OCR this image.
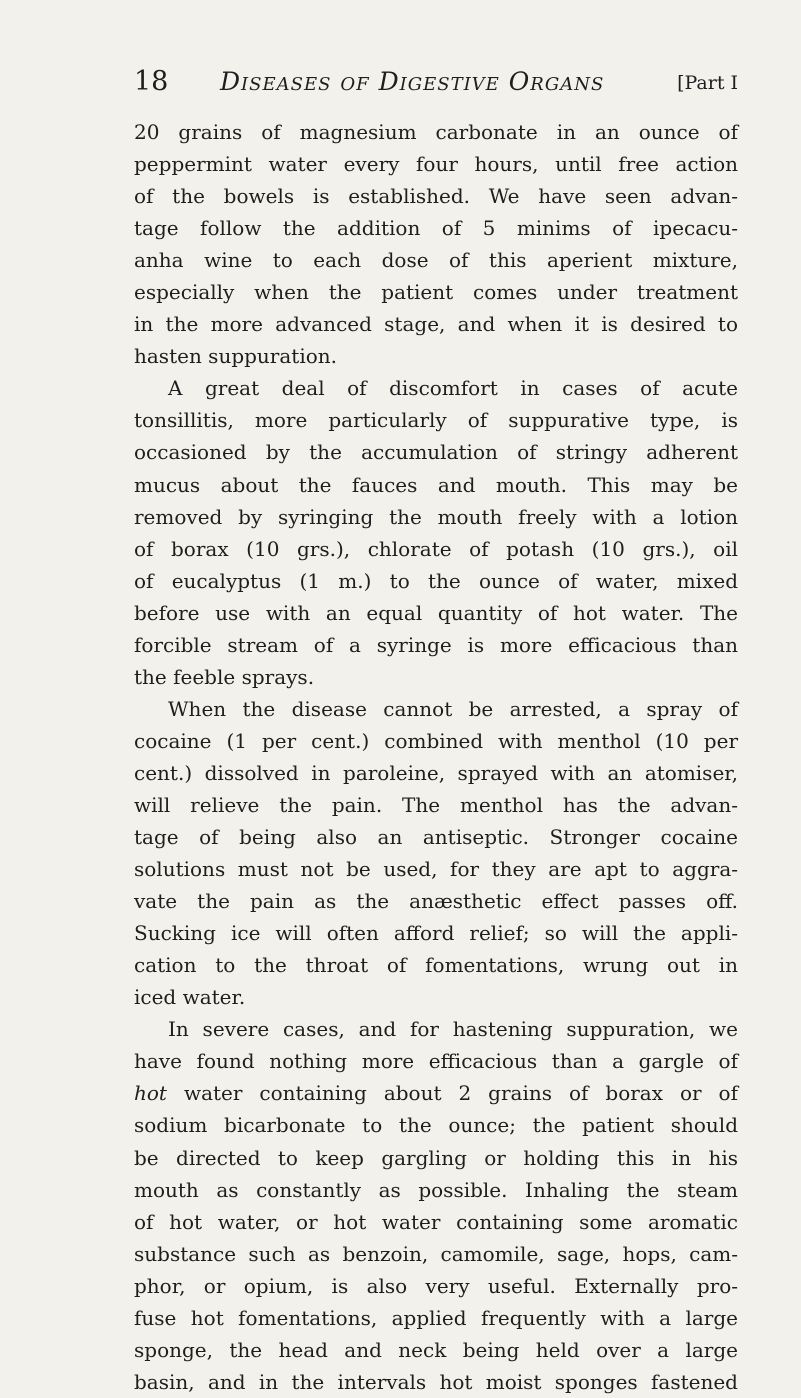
18 Diseases of Digestive Organs	[Part I
20 grains of magnesium carbonate in an ounce of
peppermint water every four hours, until free action
of the bowels is established. We have seen advan-
tage follow the addition of 5 minims of ipecacu-
anha wine to each dose of this aperient mixture,
especially when the patient comes under treatment
in the more advanced stage, and when it is desired to
hasten suppuration.
A great deal of discomfort in cases of acute
tonsillitis, more particularly of suppurative type, is
occasioned by the accumulation of stringy adherent
mucus about the fauces and mouth. This may be
removed by syringing the mouth freely with a lotion
of borax (10 grs.), chlorate of potash (10 grs.), oil
of eucalyptus (1 m.) to the ounce of water, mixed
before use with an equal quantity of hot water. The
forcible stream of a syringe is more efficacious than
the feeble sprays.
When the disease cannot be arrested, a spray of
cocaine (1 per cent.) combined with menthol (10 per
cent.) dissolved in paroleine, sprayed with an atomiser,
will relieve the pain. The menthol has the advan-
tage of being also an antiseptic. Stronger cocaine
solutions must not be used, for they are apt to aggra-
vate the pain as the anæsthetic effect passes off.
Sucking ice will often afford relief; so will the appli-
cation to the throat of fomentations, wrung out in
iced water.
In severe cases, and for hastening suppuration, we
have found nothing more efficacious than a gargle of
hot water containing about 2 grains of borax or of
sodium bicarbonate to the ounce; the patient should
be directed to keep gargling or holding this in his
mouth as constantly as possible. Inhaling the steam
of hot water, or hot water containing some aromatic
substance such as benzoin, camomile, sage, hops, cam-
phor, or opium, is also very useful. Externally pro-
fuse hot fomentations, applied frequently with a large
sponge, the head and neck being held over a large
basin, and in the intervals hot moist sponges fastened
